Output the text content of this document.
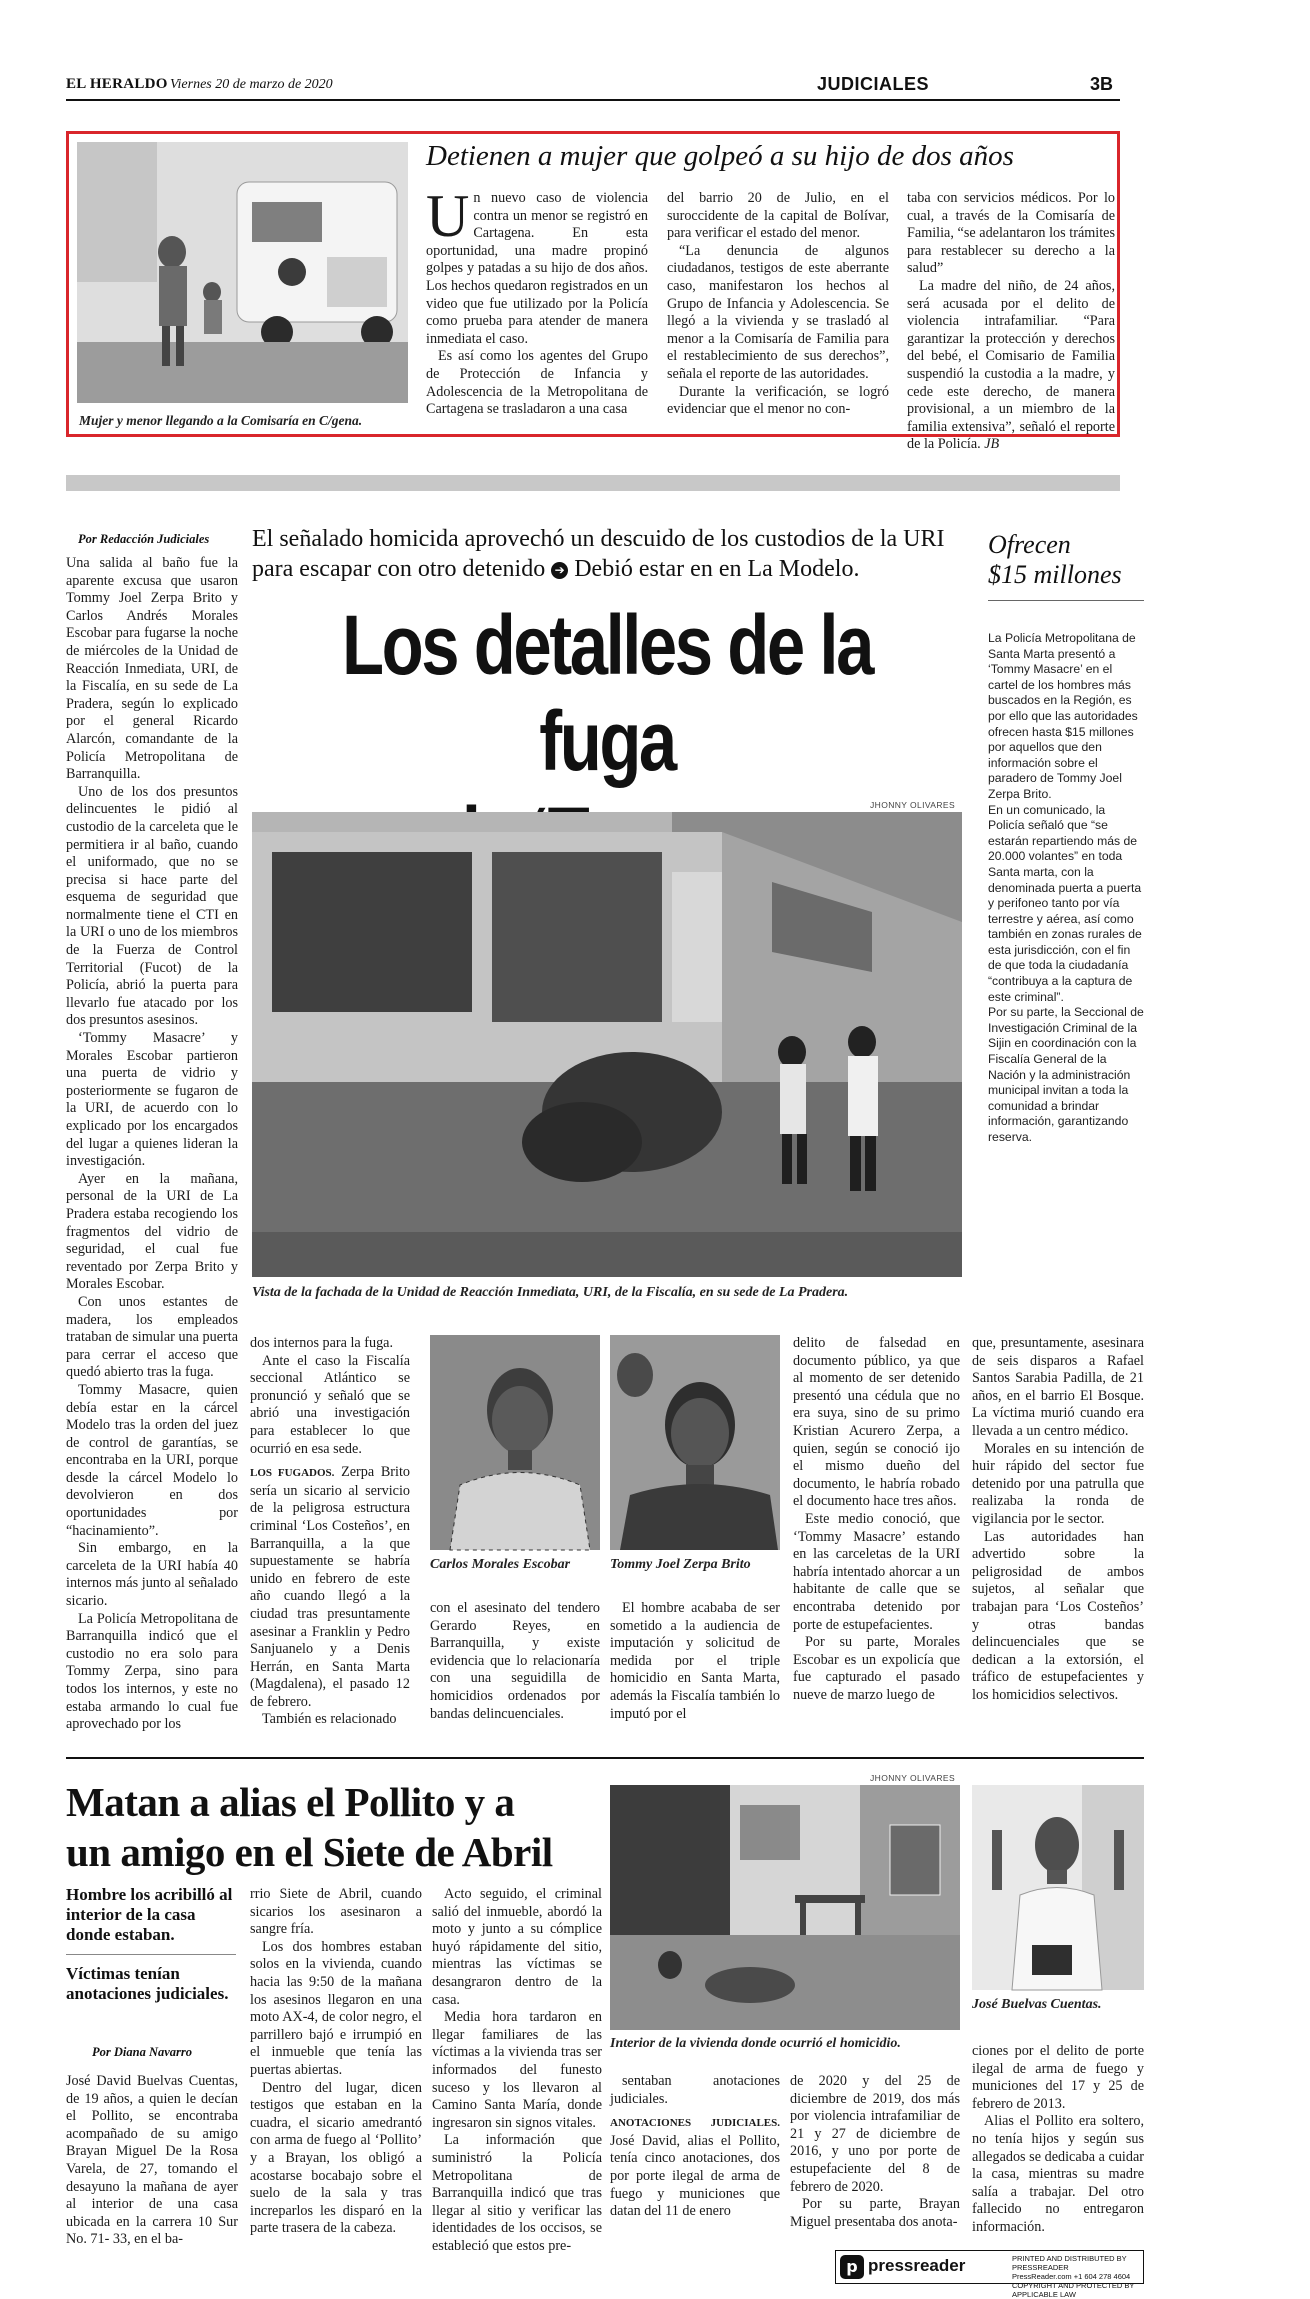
EL HERALDO Viernes 20 de marzo de 2020	JUDICIALES	3B
Mujer y menor llegando a la Comisaría en C/gena.
Detienen a mujer que golpeó a su hijo de dos años
U n nuevo caso de violencia contra un menor se registró en Cartagena. En esta oportunidad, una madre propinó golpes y patadas a su hijo de dos años. Los hechos quedaron registrados en un video que fue utilizado por la Policía como prueba para atender de manera inmediata el caso.

Es así como los agentes del Grupo de Protección de Infancia y Adolescencia de la Metropolitana de Cartagena se trasladaron a una casa

del barrio 20 de Julio, en el suroccidente de la capital de Bolívar, para verificar el estado del menor.

“La denuncia de algunos ciudadanos, testigos de este aberrante caso, manifestaron los hechos al Grupo de Infancia y Adolescencia. Se llegó a la vivienda y se trasladó al menor a la Comisaría de Familia para el restablecimiento de sus derechos”, señala el reporte de las autoridades.

Durante la verificación, se logró evidenciar que el menor no con-

taba con servicios médicos. Por lo cual, a través de la Comisaría de Familia, “se adelantaron los trámites para restablecer su derecho a la salud”

La madre del niño, de 24 años, será acusada por el delito de violencia intrafamiliar. “Para garantizar la protección y derechos del bebé, el Comisario de Familia suspendió la custodia a la madre, y cede este derecho, de manera provisional, a un miembro de la familia extensiva”, señaló el reporte de la Policía. JB

Por Redacción Judiciales

Una salida al baño fue la aparente excusa que usaron Tommy Joel Zerpa Brito y Carlos Andrés Morales Escobar para fugarse la noche de miércoles de la Unidad de Reacción Inmediata, URI, de la Fiscalía, en su sede de La Pradera, según lo explicado por el general Ricardo Alarcón, comandante de la Policía Metropolitana de Barranquilla.

Uno de los dos presuntos delincuentes le pidió al custodio de la carceleta que le permitiera ir al baño, cuando el uniformado, que no se precisa si hace parte del esquema de seguridad que normalmente tiene el CTI en la URI o uno de los miembros de la Fuerza de Control Territorial (Fucot) de la Policía, abrió la puerta para llevarlo fue atacado por los dos presuntos asesinos.

‘Tommy Masacre’ y Morales Escobar partieron una puerta de vidrio y posteriormente se fugaron de la URI, de acuerdo con lo explicado por los encargados del lugar a quienes lideran la investigación.

Ayer en la mañana, personal de la URI de La Pradera estaba recogiendo los fragmentos del vidrio de seguridad, el cual fue reventado por Zerpa Brito y Morales Escobar.

Con unos estantes de madera, los empleados trataban de simular una puerta para cerrar el acceso que quedó abierto tras la fuga.

Tommy Masacre, quien debía estar en la cárcel Modelo tras la orden del juez de control de garantías, se encontraba en la URI, porque desde la cárcel Modelo lo devolvieron en dos oportunidades por “hacinamiento”.

Sin embargo, en la carceleta de la URI había 40 internos más junto al señalado sicario.

La Policía Metropolitana de Barranquilla indicó que el custodio no era solo para Tommy Zerpa, sino para todos los internos, y este no estaba armando lo cual fue aprovechado por los

El señalado homicida aprovechó un descuido de los custodios de la URI para escapar con otro detenido ➔ Debió estar en en La Modelo.
Los detalles de la fuga
JHONNY OLIVARES
Vista de la fachada de la Unidad de Reacción Inmediata, URI, de la Fiscalía, en su sede de La Pradera.

dos internos para la fuga.

Ante el caso la Fiscalía seccional Atlántico se pronunció y señaló que se abrió una investigación para establecer lo que ocurrió en esa sede.

LOS FUGADOS. Zerpa Brito sería un sicario al servicio de la peligrosa estructura criminal ‘Los Costeños’, en Barranquilla, a la que supuestamente se habría unido en febrero de este año cuando llegó a la ciudad tras presuntamente asesinar a Franklin y Pedro Sanjuanelo y a Denis Herrán, en Santa Marta (Magdalena), el pasado 12 de febrero.

También es relacionado

Carlos Morales Escobar	Tommy Joel Zerpa Brito
con el asesinato del tendero Gerardo Reyes, en Barranquilla, y existe evidencia que lo relacionaría con una seguidilla de homicidios ordenados por bandas delincuenciales.

El hombre acababa de ser sometido a la audiencia de imputación y solicitud de medida por el triple homicidio en Santa Marta, además la Fiscalía también lo imputó por el

delito de falsedad en documento público, ya que al momento de ser detenido presentó una cédula que no era suya, sino de su primo Kristian Acurero Zerpa, a quien, según se conoció ijo el mismo dueño del documento, le habría robado el documento hace tres años.

Este medio conoció, que ‘Tommy Masacre’ estando en las carceletas de la URI habría intentado ahorcar a un habitante de calle que se encontraba detenido por porte de estupefacientes.

Por su parte, Morales Escobar es un expolicía que fue capturado el pasado nueve de marzo luego de

que, presuntamente, asesinara de seis disparos a Rafael Santos Sarabia Padilla, de 21 años, en el barrio El Bosque. La víctima murió cuando era llevada a un centro médico.

Morales en su intención de huir rápido del sector fue detenido por una patrulla que realizaba la ronda de vigilancia por le sector.

Las autoridades han advertido sobre la peligrosidad de ambos sujetos, al señalar que trabajan para ‘Los Costeños’ y otras bandas delincuenciales que se dedican a la extorsión, el tráfico de estupefacientes y los homicidios selectivos.

Ofrecen
$15 millones
La Policía Metropolitana de Santa Marta presentó a ‘Tommy Masacre’ en el cartel de los hombres más buscados en la Región, es por ello que las autoridades ofrecen hasta $15 millones por aquellos que den información sobre el paradero de Tommy Joel Zerpa Brito.
En un comunicado, la Policía señaló que “se estarán repartiendo más de 20.000 volantes” en toda Santa marta, con la denominada puerta a puerta y perifoneo tanto por vía terrestre y aérea, así como también en zonas rurales de esta jurisdicción, con el fin de que toda la ciudadanía “contribuya a la captura de este criminal”.
Por su parte, la Seccional de Investigación Criminal de la Sijin en coordinación con la Fiscalía General de la Nación y la administración municipal invitan a toda la comunidad a brindar información, garantizando reserva.
Matan a alias el Pollito y a
un amigo en el Siete de Abril
Hombre los acribilló al interior de la casa donde estaban.
Víctimas tenían anotaciones judiciales.
Por Diana Navarro

José David Buelvas Cuentas, de 19 años, a quien le decían el Pollito, se encontraba acompañado de su amigo Brayan Miguel De la Rosa Varela, de 27, tomando el desayuno la mañana de ayer al interior de una casa ubicada en la carrera 10 Sur No. 71- 33, en el ba-

rrio Siete de Abril, cuando sicarios los asesinaron a sangre fría.

Los dos hombres estaban solos en la vivienda, cuando hacia las 9:50 de la mañana los asesinos llegaron en una moto AX-4, de color negro, el parrillero bajó e irrumpió en el inmueble que tenía las puertas abiertas.

Dentro del lugar, dicen testigos que estaban en la cuadra, el sicario amedrantó con arma de fuego al ‘Pollito’ y a Brayan, los obligó a acostarse bocabajo sobre el suelo de la sala y tras increparlos les disparó en la parte trasera de la cabeza.

Acto seguido, el criminal salió del inmueble, abordó la moto y junto a su cómplice huyó rápidamente del sitio, mientras las víctimas se desangraron dentro de la casa.

Media hora tardaron en llegar familiares de las víctimas a la vivienda tras ser informados del funesto suceso y los llevaron al Camino Santa María, donde ingresaron sin signos vitales.

La información que suministró la Policía Metropolitana de Barranquilla indicó que tras llegar al sitio y verificar las identidades de los occisos, se estableció que estos pre-

JHONNY OLIVARES
Interior de la vivienda donde ocurrió el homicidio.
José Buelvas Cuentas.

sentaban anotaciones judiciales.

ANOTACIONES JUDICIALES. José David, alias el Pollito, tenía cinco anotaciones, dos por porte ilegal de arma de fuego y municiones que datan del 11 de enero

de 2020 y del 25 de diciembre de 2019, dos más por violencia intrafamiliar de 21 y 27 de diciembre de 2016, y uno por porte de estupefaciente del 8 de febrero de 2020.

Por su parte, Brayan Miguel presentaba dos anota-

ciones por el delito de porte ilegal de arma de fuego y municiones del 17 y 25 de febrero de 2013.

Alias el Pollito era soltero, no tenía hijos y según sus allegados se dedicaba a cuidar la casa, mientras su madre salía a trabajar. Del otro fallecido no entregaron información.

p pressreader	PRINTED AND DISTRIBUTED BY PRESSREADER
PressReader.com +1 604 278 4604
COPYRIGHT AND PROTECTED BY APPLICABLE LAW
